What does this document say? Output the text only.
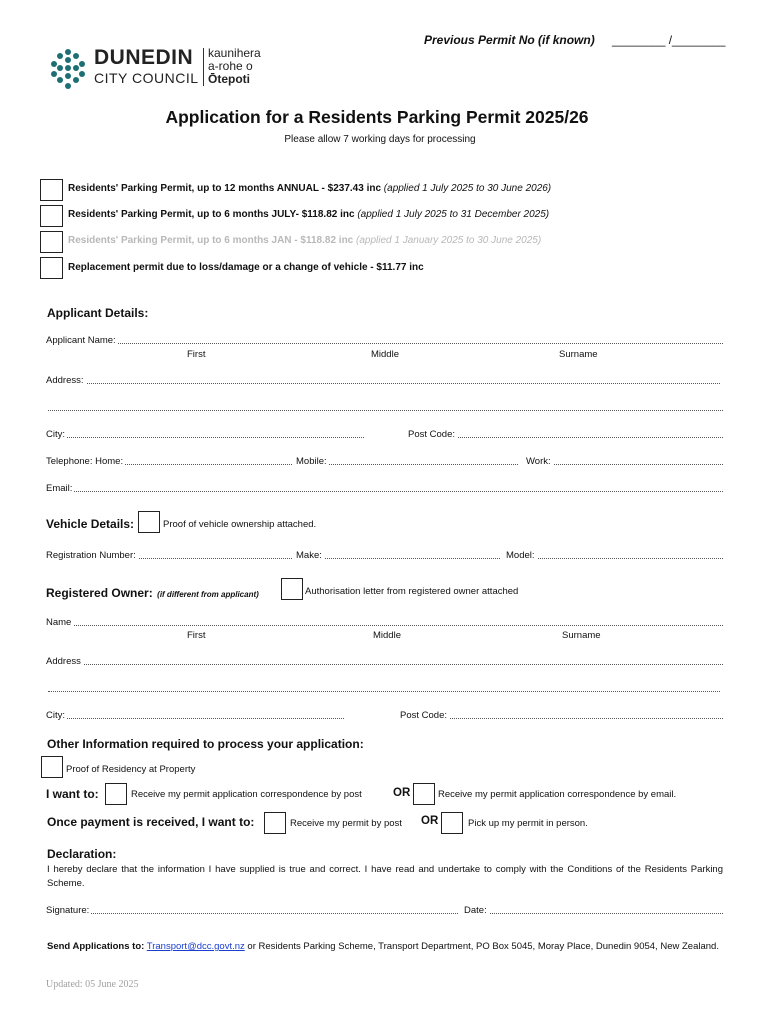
Previous Permit No (if known) ________ /________
DUNEDIN
CITY COUNCIL
kaunihera
a-rohe o
Ōtepoti
Application for a Residents Parking Permit 2025/26
Please allow 7 working days for processing
Residents' Parking Permit, up to 12 months ANNUAL - $237.43 inc (applied 1 July 2025 to 30 June 2026)
Residents' Parking Permit, up to 6 months JULY- $118.82 inc (applied 1 July 2025 to 31 December 2025)
Residents' Parking Permit, up to 6 months JAN - $118.82 inc (applied 1 January 2025 to 30 June 2025)
Replacement permit due to loss/damage or a change of vehicle - $11.77 inc
Applicant Details:
Applicant Name:
First	Middle	Surname
Address:
City:	Post Code:
Telephone: Home:	Mobile:	Work:
Email:
Vehicle Details:	Proof of vehicle ownership attached.
Registration Number:	Make:	Model:
Registered Owner: (if different from applicant)	Authorisation letter from registered owner attached
Name
First	Middle	Surname
Address
City:	Post Code:
Other Information required to process your application:
Proof of Residency at Property
I want to:	Receive my permit application correspondence by post	OR	Receive my permit application correspondence by email.
Once payment is received, I want to:	Receive my permit by post OR	Pick up my permit in person.
Declaration:
I hereby declare that the information I have supplied is true and correct. I have read and undertake to comply with the Conditions of the Residents Parking Scheme.
Signature:	Date:
Send Applications to: Transport@dcc.govt.nz or Residents Parking Scheme, Transport Department, PO Box 5045, Moray Place, Dunedin 9054, New Zealand.
Updated: 05 June 2025
